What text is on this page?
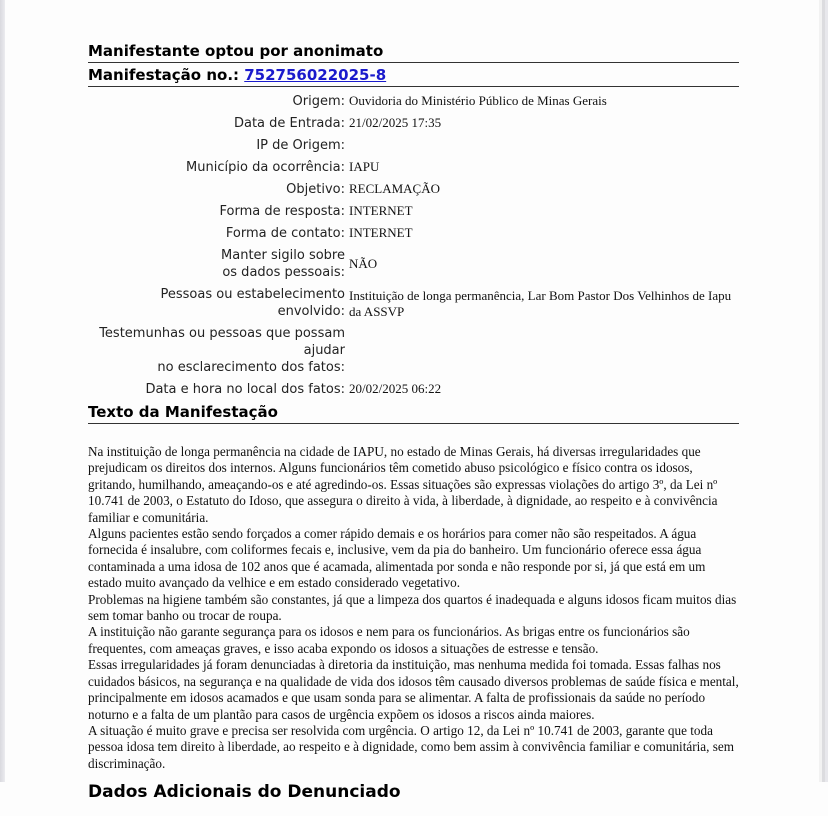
Manifestante optou por anonimato
Manifestação no.: 752756022025-8
Origem:	Ouvidoria do Ministério Público de Minas Gerais
Data de Entrada:	21/02/2025 17:35
IP de Origem:	
Município da ocorrência:	IAPU
Objetivo:	RECLAMAÇÃO
Forma de resposta:	INTERNET
Forma de contato:	INTERNET

Manter sigilo sobre
os dados pessoais:	NÃO

Pessoas ou estabelecimento
envolvido:	Instituição de longa permanência, Lar Bom Pastor Dos Velhinhos de Iapu da ASSVP

Testemunhas ou pessoas que possam
ajudar
no esclarecimento dos fatos:	

Data e hora no local dos fatos:	20/02/2025 06:22
Texto da Manifestação

Na instituição de longa permanência na cidade de IAPU, no estado de Minas Gerais, há diversas irregularidades que prejudicam os direitos dos internos. Alguns funcionários têm cometido abuso psicológico e físico contra os idosos, gritando, humilhando, ameaçando-os e até agredindo-os. Essas situações são expressas violações do artigo 3º, da Lei nº 10.741 de 2003, o Estatuto do Idoso, que assegura o direito à vida, à liberdade, à dignidade, ao respeito e à convivência familiar e comunitária.

Alguns pacientes estão sendo forçados a comer rápido demais e os horários para comer não são respeitados. A água fornecida é insalubre, com coliformes fecais e, inclusive, vem da pia do banheiro. Um funcionário oferece essa água contaminada a uma idosa de 102 anos que é acamada, alimentada por sonda e não responde por si, já que está em um estado muito avançado da velhice e em estado considerado vegetativo.

Problemas na higiene também são constantes, já que a limpeza dos quartos é inadequada e alguns idosos ficam muitos dias sem tomar banho ou trocar de roupa.

A instituição não garante segurança para os idosos e nem para os funcionários. As brigas entre os funcionários são frequentes, com ameaças graves, e isso acaba expondo os idosos a situações de estresse e tensão.

Essas irregularidades já foram denunciadas à diretoria da instituição, mas nenhuma medida foi tomada. Essas falhas nos cuidados básicos, na segurança e na qualidade de vida dos idosos têm causado diversos problemas de saúde física e mental, principalmente em idosos acamados e que usam sonda para se alimentar. A falta de profissionais da saúde no período noturno e a falta de um plantão para casos de urgência expõem os idosos a riscos ainda maiores.

A situação é muito grave e precisa ser resolvida com urgência. O artigo 12, da Lei nº 10.741 de 2003, garante que toda pessoa idosa tem direito à liberdade, ao respeito e à dignidade, como bem assim à convivência familiar e comunitária, sem discriminação.

Dados Adicionais do Denunciado
